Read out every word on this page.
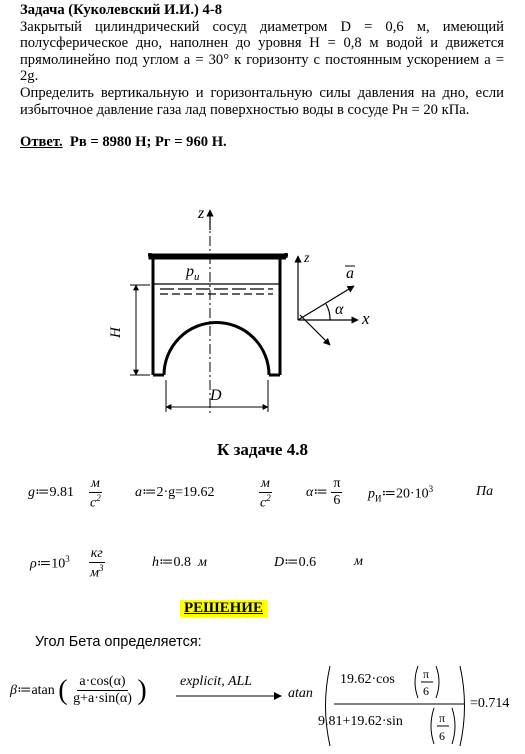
Задача (Куколевский И.И.) 4-8

Закрытый цилиндрический сосуд диаметром D = 0,6 м, имеющий полусферическое дно, наполнен до уровня H = 0,8 м водой и движется прямолинейно под углом a = 30° к горизонту с постоянным ускорением a = 2g.

Определить вертикальную и горизонтальную силы давления на дно, если избыточное давление газа лад поверхностью воды в сосуде Pн = 20 кПа.

Ответ. Pв = 8980 Н; Pг = 960 Н.

z
$p_u$
H
D
z
a
α x
К задаче 4.8
g≔9.81 $\frac{м}{c^2}$ a≔2·g=19.62	$\frac{м}{c^2}$ α≔ $\frac{\pi}{6}$ $p_И≔20\cdot 10^3$	Па
$\rho≔10^3 \frac{кг}{м^3}$	h≔0.8 м	D≔0.6	м
РЕШЕНИЕ
Угол Бета определяется:
β≔atan ( $\frac{a\cdot\cos(\alpha)}{g+a\cdot\sin(\alpha)}$ ) explicit, ALL
atan
19.62·cos π
6
9.81+19.62·sin	π
6
=0.714
